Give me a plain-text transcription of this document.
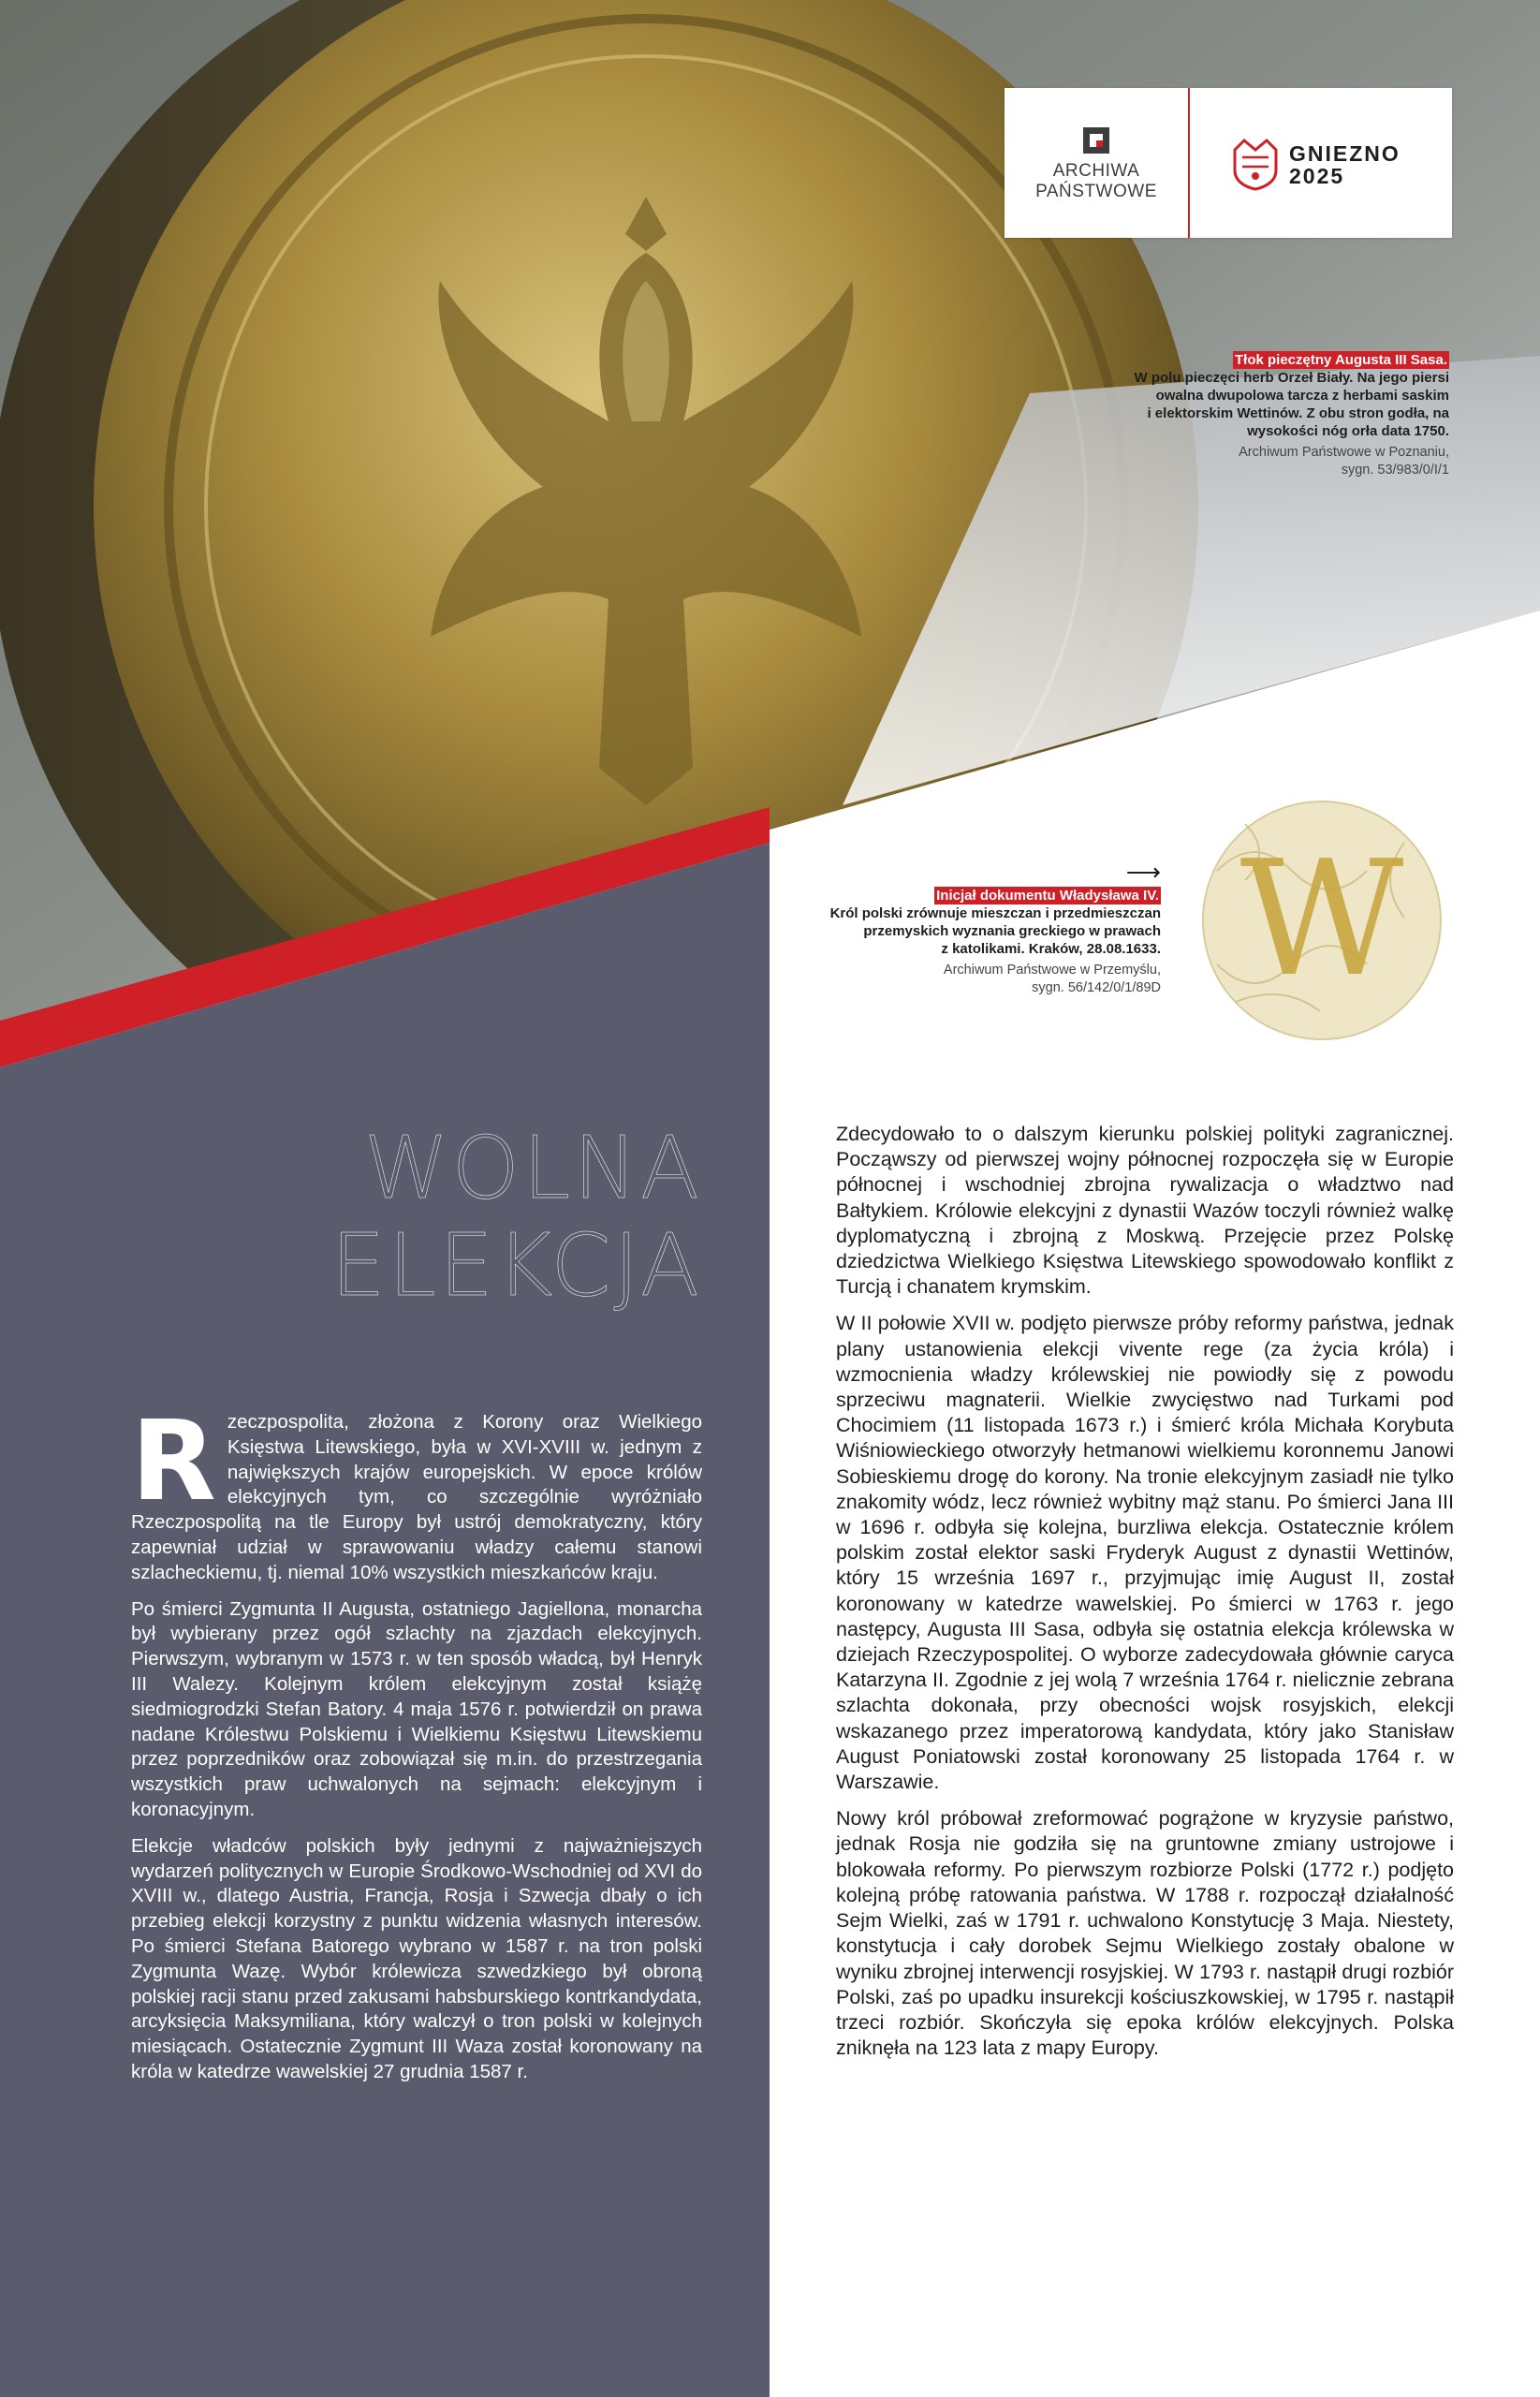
W
ARCHIWA
PAŃSTWOWE
GNIEZNO
2025
Tłok pieczętny Augusta III Sasa.
W polu pieczęci herb Orzeł Biały. Na jego piersi
owalna dwupolowa tarcza z herbami saskim
i elektorskim Wettinów. Z obu stron godła, na
wysokości nóg orła data 1750.
Archiwum Państwowe w Poznaniu,
sygn. 53/983/0/I/1
⟶
Inicjał dokumentu Władysława IV.
Król polski zrównuje mieszczan i przedmieszczan
przemyskich wyznania greckiego w prawach
z katolikami. Kraków, 28.08.1633.
Archiwum Państwowe w Przemyślu,
sygn. 56/142/0/1/89D
WOLNA
ELEKCJA

Rzeczpospolita, złożona z Korony oraz Wielkiego Księstwa Litewskiego, była w XVI-XVIII w. jednym z największych krajów europejskich. W epoce królów elekcyjnych tym, co szczególnie wyróżniało Rzeczpospolitą na tle Europy był ustrój demokratyczny, który zapewniał udział w sprawowaniu władzy całemu stanowi szlacheckiemu, tj. niemal 10% wszystkich mieszkańców kraju.

Po śmierci Zygmunta II Augusta, ostatniego Jagiellona, monarcha był wybierany przez ogół szlachty na zjazdach elekcyjnych. Pierwszym, wybranym w 1573 r. w ten sposób władcą, był Henryk III Walezy. Kolejnym królem elekcyjnym został książę siedmiogrodzki Stefan Batory. 4 maja 1576 r. potwierdził on prawa nadane Królestwu Polskiemu i Wielkiemu Księstwu Litewskiemu przez poprzedników oraz zobowiązał się m.in. do przestrzegania wszystkich praw uchwalonych na sejmach: elekcyjnym i koronacyjnym.

Elekcje władców polskich były jednymi z najważniejszych wydarzeń politycznych w Europie Środkowo-Wschodniej od XVI do XVIII w., dlatego Austria, Francja, Rosja i Szwecja dbały o ich przebieg elekcji korzystny z punktu widzenia własnych interesów. Po śmierci Stefana Batorego wybrano w 1587 r. na tron polski Zygmunta Wazę. Wybór królewicza szwedzkiego był obroną polskiej racji stanu przed zakusami habsburskiego kontrkandydata, arcyksięcia Maksymiliana, który walczył o tron polski w kolejnych miesiącach. Ostatecznie Zygmunt III Waza został koronowany na króla w katedrze wawelskiej 27 grudnia 1587 r.

Zdecydowało to o dalszym kierunku polskiej polityki zagranicznej. Począwszy od pierwszej wojny północnej rozpoczęła się w Europie północnej i wschodniej zbrojna rywalizacja o władztwo nad Bałtykiem. Królowie elekcyjni z dynastii Wazów toczyli również walkę dyplomatyczną i zbrojną z Moskwą. Przejęcie przez Polskę dziedzictwa Wielkiego Księstwa Litewskiego spowodowało konflikt z Turcją i chanatem krymskim.

W II połowie XVII w. podjęto pierwsze próby reformy państwa, jednak plany ustanowienia elekcji vivente rege (za życia króla) i wzmocnienia władzy królewskiej nie powiodły się z powodu sprzeciwu magnaterii. Wielkie zwycięstwo nad Turkami pod Chocimiem (11 listopada 1673 r.) i śmierć króla Michała Korybuta Wiśniowieckiego otworzyły hetmanowi wielkiemu koronnemu Janowi Sobieskiemu drogę do korony. Na tronie elekcyjnym zasiadł nie tylko znakomity wódz, lecz również wybitny mąż stanu. Po śmierci Jana III w 1696 r. odbyła się kolejna, burzliwa elekcja. Ostatecznie królem polskim został elektor saski Fryderyk August z dynastii Wettinów, który 15 września 1697 r., przyjmując imię August II, został koronowany w katedrze wawelskiej. Po śmierci w 1763 r. jego następcy, Augusta III Sasa, odbyła się ostatnia elekcja królewska w dziejach Rzeczypospolitej. O wyborze zadecydowała głównie caryca Katarzyna II. Zgodnie z jej wolą 7 września 1764 r. nielicznie zebrana szlachta dokonała, przy obecności wojsk rosyjskich, elekcji wskazanego przez imperatorową kandydata, który jako Stanisław August Poniatowski został koronowany 25 listopada 1764 r. w Warszawie.

Nowy król próbował zreformować pogrążone w kryzysie państwo, jednak Rosja nie godziła się na gruntowne zmiany ustrojowe i blokowała reformy. Po pierwszym rozbiorze Polski (1772 r.) podjęto kolejną próbę ratowania państwa. W 1788 r. rozpoczął działalność Sejm Wielki, zaś w 1791 r. uchwalono Konstytucję 3 Maja. Niestety, konstytucja i cały dorobek Sejmu Wielkiego zostały obalone w wyniku zbrojnej interwencji rosyjskiej. W 1793 r. nastąpił drugi rozbiór Polski, zaś po upadku insurekcji kościuszkowskiej, w 1795 r. nastąpił trzeci rozbiór. Skończyła się epoka królów elekcyjnych. Polska zniknęła na 123 lata z mapy Europy.
